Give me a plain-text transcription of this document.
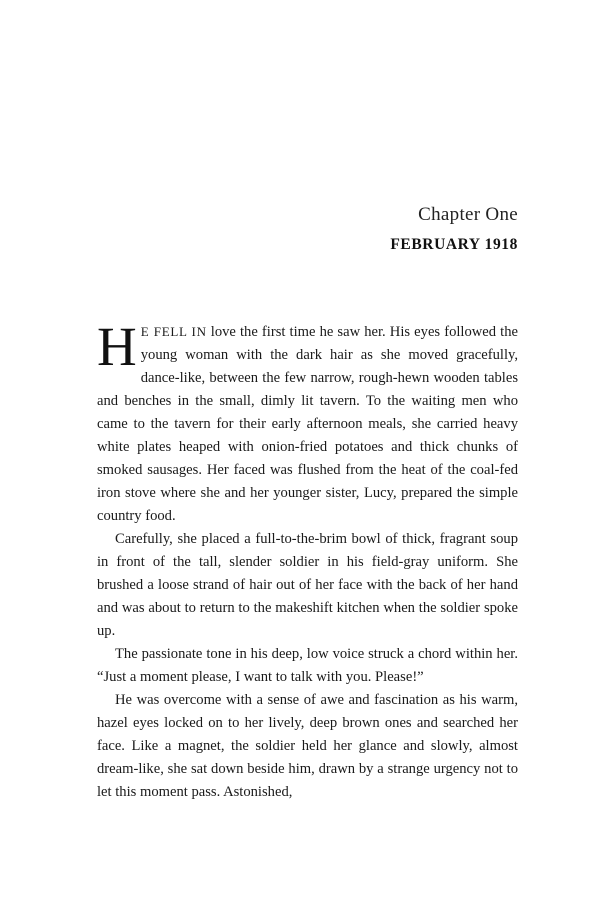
Chapter One
FEBRUARY 1918

H E FELL IN love the first time he saw her. His eyes followed the young woman with the dark hair as she moved gracefully, dance-like, between the few narrow, rough-hewn wooden tables and benches in the small, dimly lit tavern. To the waiting men who came to the tavern for their early afternoon meals, she carried heavy white plates heaped with onion-fried potatoes and thick chunks of smoked sausages. Her faced was flushed from the heat of the coal-fed iron stove where she and her younger sister, Lucy, prepared the simple country food.

Carefully, she placed a full-to-the-brim bowl of thick, fragrant soup in front of the tall, slender soldier in his field-gray uniform. She brushed a loose strand of hair out of her face with the back of her hand and was about to return to the makeshift kitchen when the soldier spoke up.

The passionate tone in his deep, low voice struck a chord within her. “Just a moment please, I want to talk with you. Please!”

He was overcome with a sense of awe and fascination as his warm, hazel eyes locked on to her lively, deep brown ones and searched her face. Like a magnet, the soldier held her glance and slowly, almost dream-like, she sat down beside him, drawn by a strange urgency not to let this moment pass. Astonished,
